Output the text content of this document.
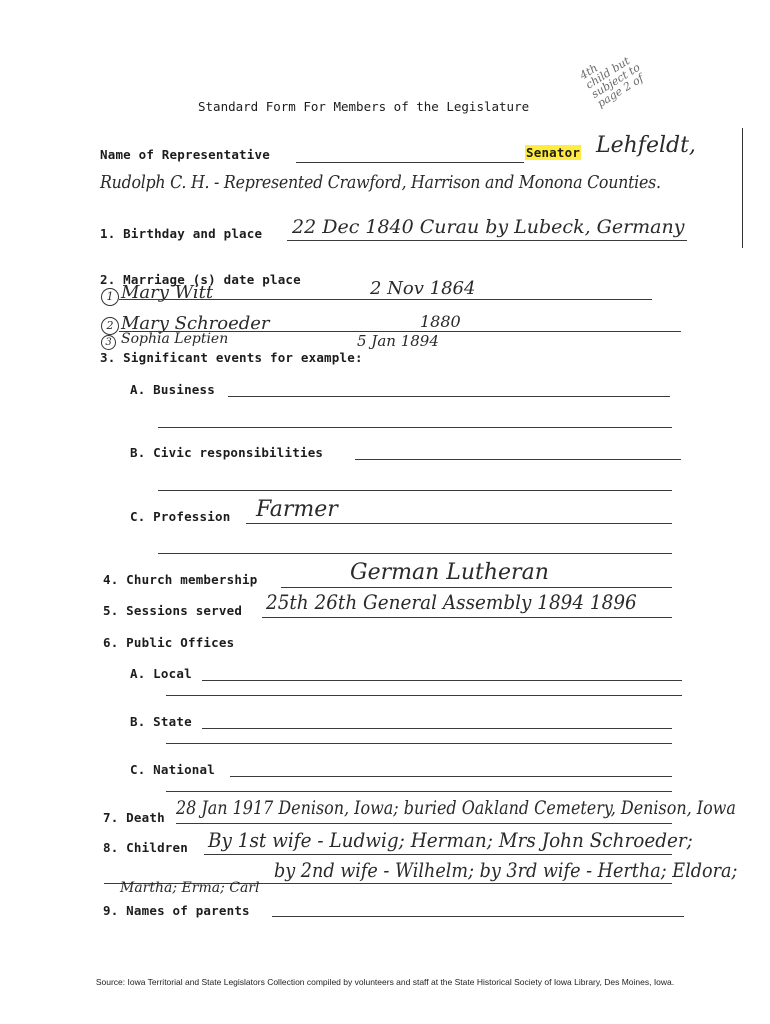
4th
child but
subject to
page 2 of
Standard Form For Members of the Legislature
Name of Representative	Senator Lehfeldt,
Rudolph C. H. - Represented Crawford, Harrison and Monona Counties.
1. Birthday and place 22 Dec 1840 Curau by Lubeck, Germany
2. Marriage (s) date place
1 Mary Witt	2 Nov 1864
2 Mary Schroeder	1880
3 Sophia Leptien	5 Jan 1894
3. Significant events for example:
A. Business
B. Civic responsibilities
C. Profession Farmer
4. Church membership	German Lutheran
5. Sessions served 25th 26th General Assembly 1894 1896
6. Public Offices
A. Local
B. State
C. National
7. Death 28 Jan 1917 Denison, Iowa; buried Oakland Cemetery, Denison, Iowa
8. Children By 1st wife - Ludwig; Herman; Mrs John Schroeder;
by 2nd wife - Wilhelm; by 3rd wife - Hertha; Eldora;
Martha; Erma; Carl
9. Names of parents
Source: Iowa Territorial and State Legislators Collection compiled by volunteers and staff at the State Historical Society of Iowa Library, Des Moines, Iowa.
